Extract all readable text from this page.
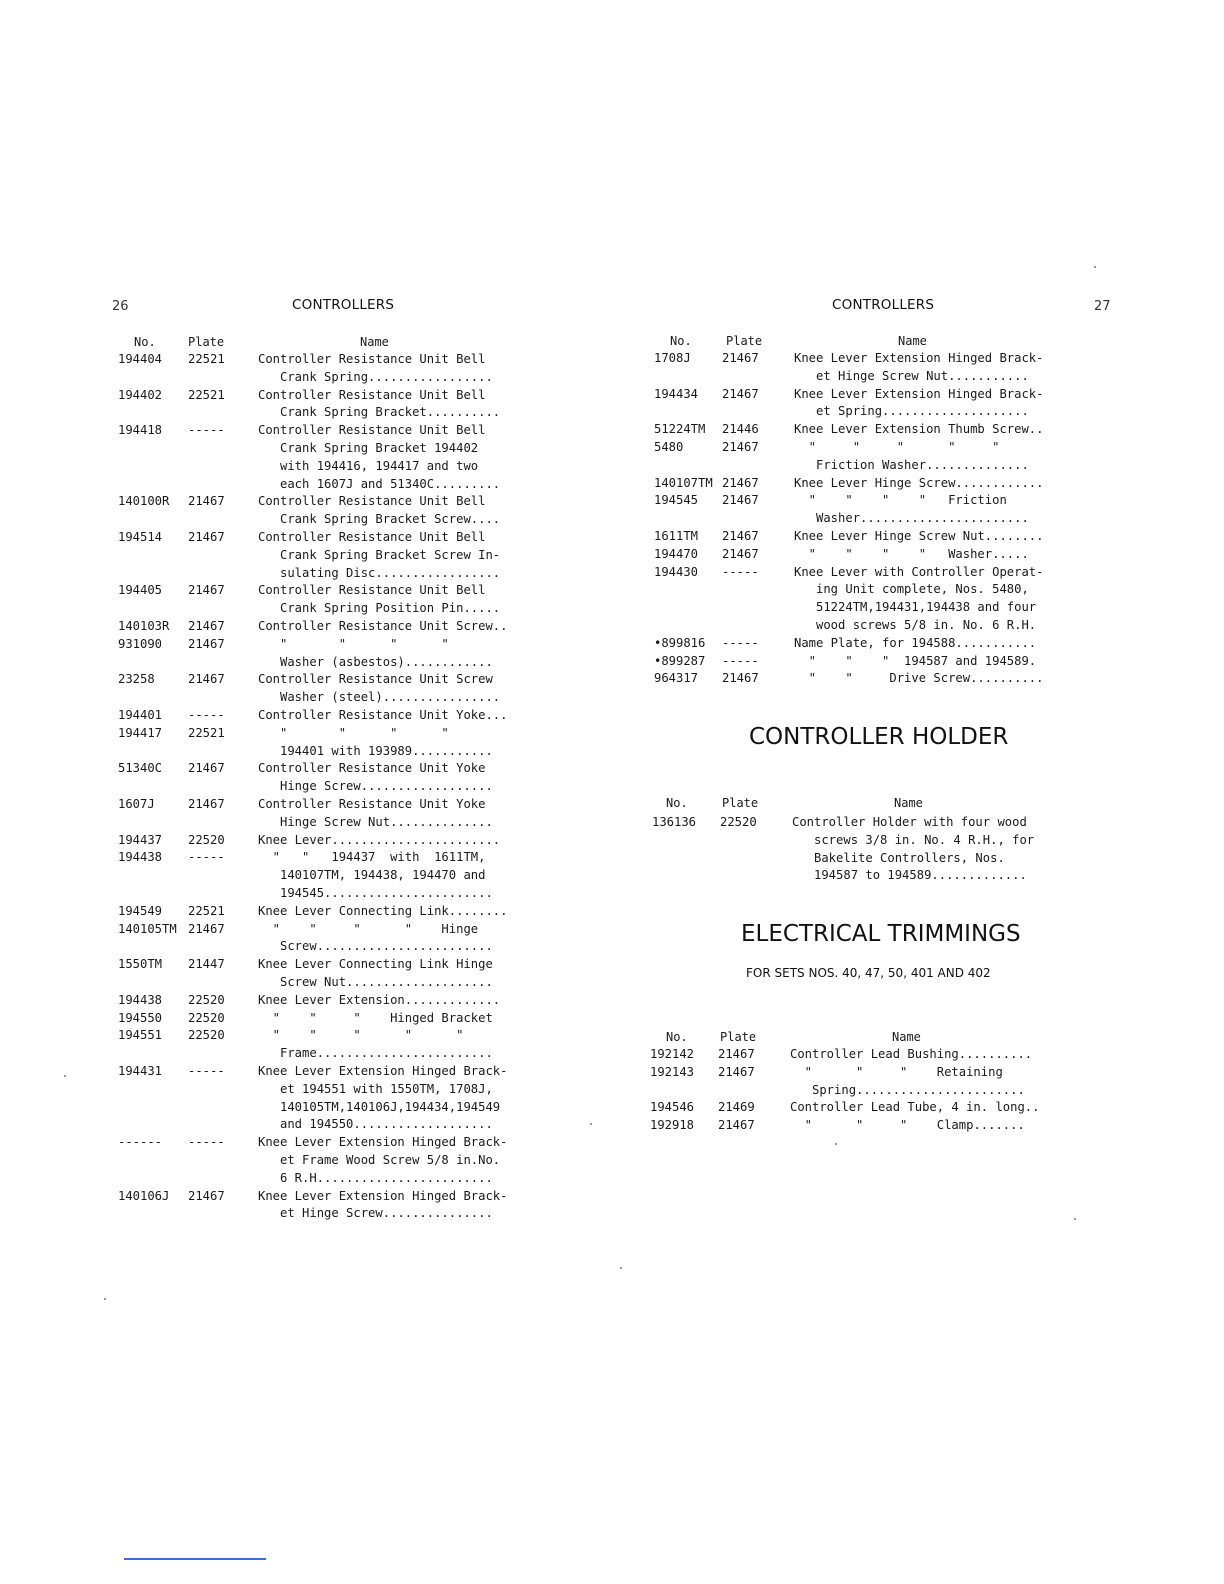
26	CONTROLLERS
No.	Plate	Name
194404 22521	Controller Resistance Unit Bell
Crank Spring.................
194402 22521	Controller Resistance Unit Bell
Crank Spring Bracket..........
194418 -----	Controller Resistance Unit Bell
Crank Spring Bracket 194402
with 194416, 194417 and two
each 1607J and 51340C.........
140100R 21467	Controller Resistance Unit Bell
Crank Spring Bracket Screw....
194514 21467	Controller Resistance Unit Bell
Crank Spring Bracket Screw In-
sulating Disc.................
194405 21467	Controller Resistance Unit Bell
Crank Spring Position Pin.....
140103R 21467	Controller Resistance Unit Screw..
931090 21467	"       "      "      "
Washer (asbestos)............
23258	21467	Controller Resistance Unit Screw
Washer (steel)................
194401 -----	Controller Resistance Unit Yoke...
194417 22521	"       "      "      "
194401 with 193989...........
51340C 21467	Controller Resistance Unit Yoke
Hinge Screw..................
1607J	21467	Controller Resistance Unit Yoke
Hinge Screw Nut..............
194437 22520	Knee Lever.......................
194438 -----	"   "   194437  with  1611TM,
140107TM, 194438, 194470 and
194545.......................
194549 22521	Knee Lever Connecting Link........
140105TM 21467	"    "     "      "    Hinge
Screw........................
1550TM 21447	Knee Lever Connecting Link Hinge
Screw Nut....................
194438 22520	Knee Lever Extension.............
194550 22520	"    "     "    Hinged Bracket
194551 22520	"    "     "      "      "
Frame........................
194431 -----	Knee Lever Extension Hinged Brack-
et 194551 with 1550TM, 1708J,
140105TM,140106J,194434,194549
and 194550...................
------ -----	Knee Lever Extension Hinged Brack-
et Frame Wood Screw 5/8 in.No.
6 R.H........................
140106J 21467	Knee Lever Extension Hinged Brack-
et Hinge Screw...............
CONTROLLERS	27
No.	Plate	Name
1708J	21467	Knee Lever Extension Hinged Brack-
et Hinge Screw Nut...........
194434 21467	Knee Lever Extension Hinged Brack-
et Spring....................
51224TM 21446	Knee Lever Extension Thumb Screw..
5480	21467	"     "     "      "     "
Friction Washer..............
140107TM 21467	Knee Lever Hinge Screw............
194545 21467	"    "    "    "   Friction
Washer.......................
1611TM 21467	Knee Lever Hinge Screw Nut........
194470 21467	"    "    "    "   Washer.....
194430 -----	Knee Lever with Controller Operat-
ing Unit complete, Nos. 5480,
51224TM,194431,194438 and four
wood screws 5/8 in. No. 6 R.H.
•899816 -----	Name Plate, for 194588...........
•899287 -----	"    "    "  194587 and 194589.
964317 21467	"    "     Drive Screw..........
CONTROLLER HOLDER
No.	Plate	Name
136136 22520	Controller Holder with four wood
screws 3/8 in. No. 4 R.H., for
Bakelite Controllers, Nos.
194587 to 194589.............
ELECTRICAL TRIMMINGS
FOR SETS NOS. 40, 47, 50, 401 AND 402
No.	Plate	Name
192142 21467	Controller Lead Bushing..........
192143 21467	"      "     "    Retaining
Spring.......................
194546 21469	Controller Lead Tube, 4 in. long..
192918 21467	"      "     "    Clamp.......
